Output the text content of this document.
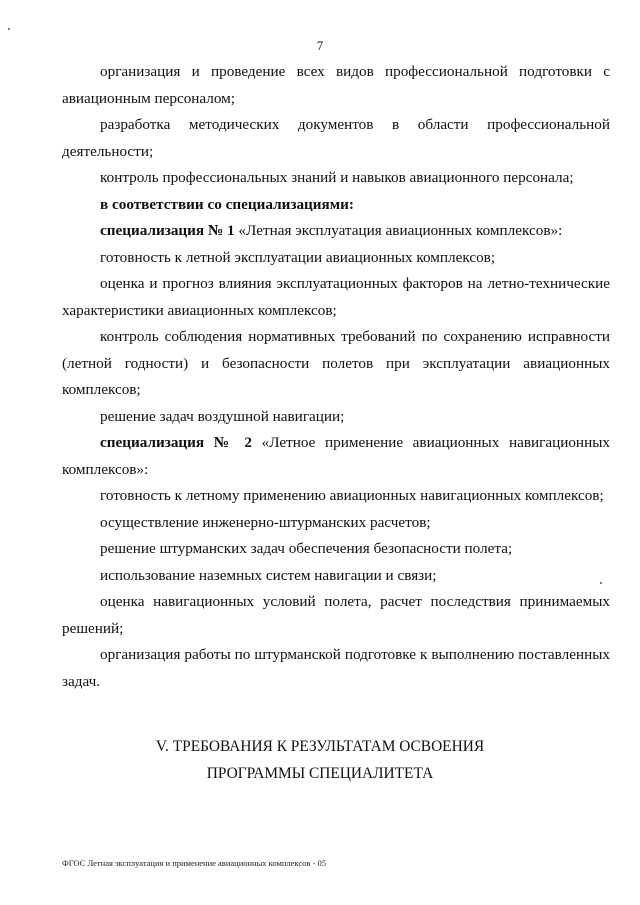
7

организация и проведение всех видов профессиональной подготовки с авиационным персоналом;

разработка методических документов в области профессиональной деятельности;

контроль профессиональных знаний и навыков авиационного персонала;

в соответствии со специализациями:

специализация № 1 «Летная эксплуатация авиационных комплексов»:

готовность к летной эксплуатации авиационных комплексов;

оценка и прогноз влияния эксплуатационных факторов на летно-технические характеристики авиационных комплексов;

контроль соблюдения нормативных требований по сохранению исправности (летной годности) и безопасности полетов при эксплуатации авиационных комплексов;

решение задач воздушной навигации;

специализация № 2 «Летное применение авиационных навигационных комплексов»:

готовность к летному применению авиационных навигационных комплексов;

осуществление инженерно-штурманских расчетов;

решение штурманских задач обеспечения безопасности полета;

использование наземных систем навигации и связи;

оценка навигационных условий полета, расчет последствия принимаемых решений;

организация работы по штурманской подготовке к выполнению поставленных задач.

V. ТРЕБОВАНИЯ К РЕЗУЛЬТАТАМ ОСВОЕНИЯ
ПРОГРАММЫ СПЕЦИАЛИТЕТА
ФГОС Летная эксплуатация и применение авиационных комплексов - 05
